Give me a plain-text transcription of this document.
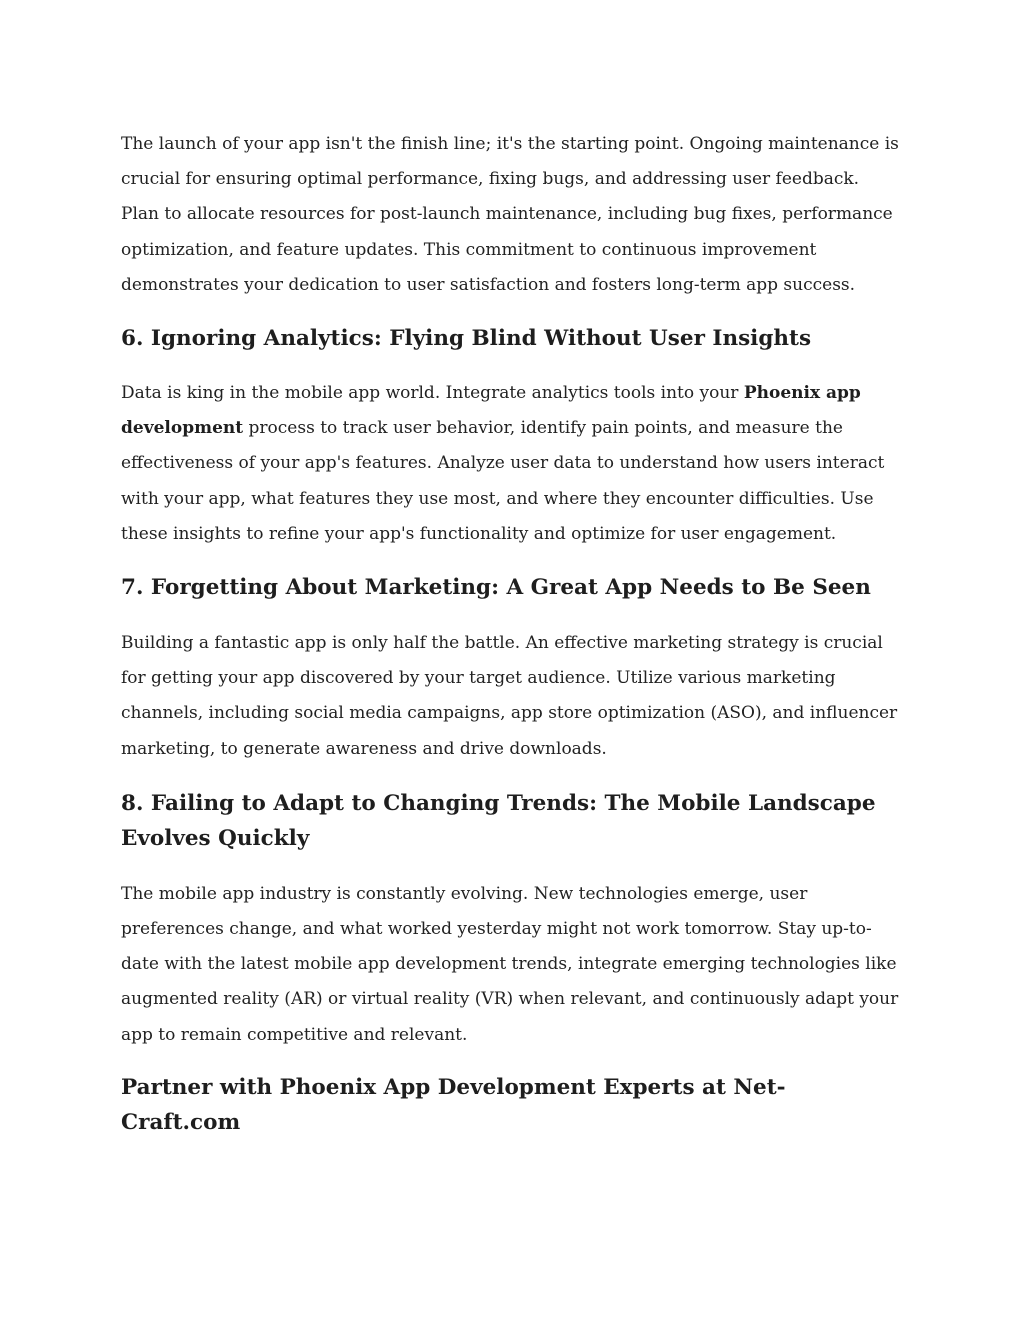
The launch of your app isn't the finish line; it's the starting point. Ongoing maintenance is crucial for ensuring optimal performance, fixing bugs, and addressing user feedback. Plan to allocate resources for post-launch maintenance, including bug fixes, performance optimization, and feature updates. This commitment to continuous improvement demonstrates your dedication to user satisfaction and fosters long-term app success.

6. Ignoring Analytics: Flying Blind Without User Insights

Data is king in the mobile app world. Integrate analytics tools into your Phoenix app development process to track user behavior, identify pain points, and measure the effectiveness of your app's features. Analyze user data to understand how users interact with your app, what features they use most, and where they encounter difficulties. Use these insights to refine your app's functionality and optimize for user engagement.

7. Forgetting About Marketing: A Great App Needs to Be Seen

Building a fantastic app is only half the battle. An effective marketing strategy is crucial for getting your app discovered by your target audience. Utilize various marketing channels, including social media campaigns, app store optimization (ASO), and influencer marketing, to generate awareness and drive downloads.

8. Failing to Adapt to Changing Trends: The Mobile Landscape Evolves Quickly

The mobile app industry is constantly evolving. New technologies emerge, user preferences change, and what worked yesterday might not work tomorrow. Stay up-to-date with the latest mobile app development trends, integrate emerging technologies like augmented reality (AR) or virtual reality (VR) when relevant, and continuously adapt your app to remain competitive and relevant.

Partner with Phoenix App Development Experts at Net-Craft.com
